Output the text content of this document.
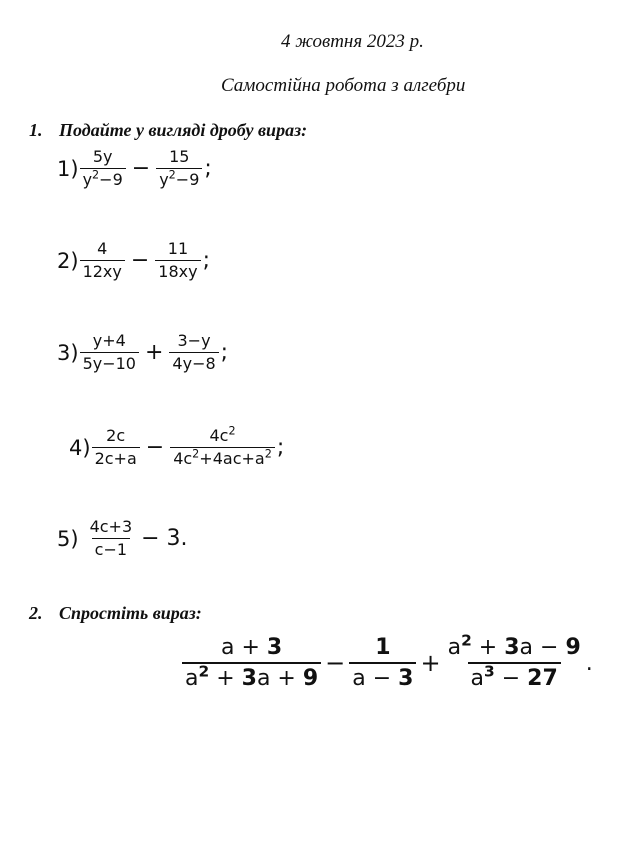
4 жовтня 2023 р.
Самостійна робота з алгебри
1. Подайте у вигляді дробу вираз:
$1) \frac{5y}{y^2-9} - \frac{15}{y^2-9}$ ;
$2) \frac{4}{12xy} - \frac{11}{18xy}$ ;
$3) \frac{y+4}{5y-10} + \frac{3-y}{4y-8}$ ;
$4) \frac{2c}{2c+a} - \frac{4c^2}{4c^2+4ac+a^2}$ ;
$5) \frac{4c+3}{c-1} - 3$.
2. Спростіть вираз:
$\frac{a + 3}{a^2 + 3a + 9} - \frac{1}{a - 3} + \frac{a^2 + 3a - 9}{a^3 - 27}$ .
